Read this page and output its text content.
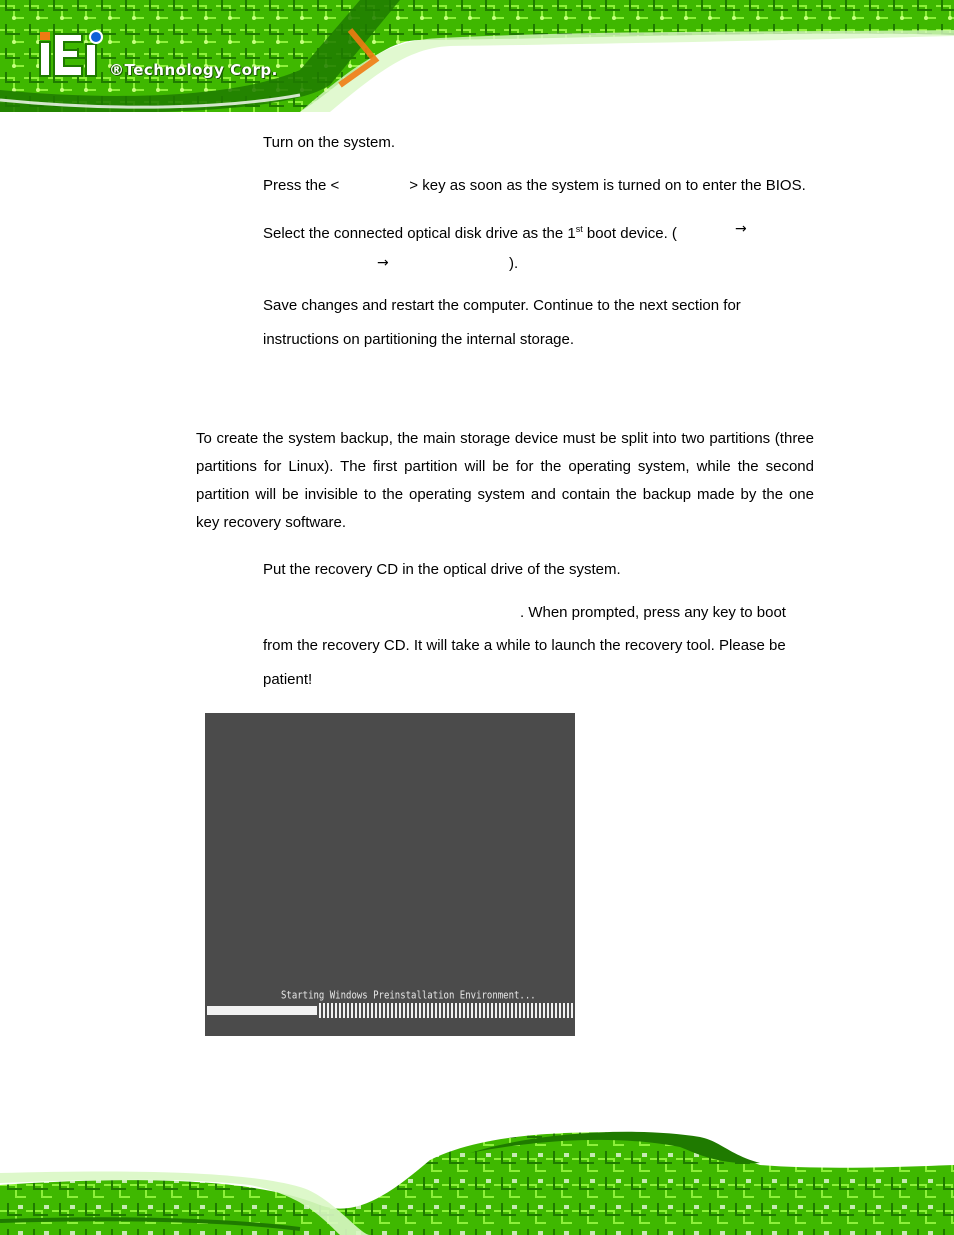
®Technology Corp.
Turn on the system.
Press the <	> key as soon as the system is turned on to enter the BIOS.
Select the connected optical disk drive as the 1st boot device. (	→
→	).
Save changes and restart the computer. Continue to the next section for
instructions on partitioning the internal storage.
To create the system backup, the main storage device must be split into two partitions (three partitions for Linux). The first partition will be for the operating system, while the second partition will be invisible to the operating system and contain the backup made by the one key recovery software.
Put the recovery CD in the optical drive of the system.
. When prompted, press any key to boot
from the recovery CD. It will take a while to launch the recovery tool. Please be
patient!
Starting Windows Preinstallation Environment...
